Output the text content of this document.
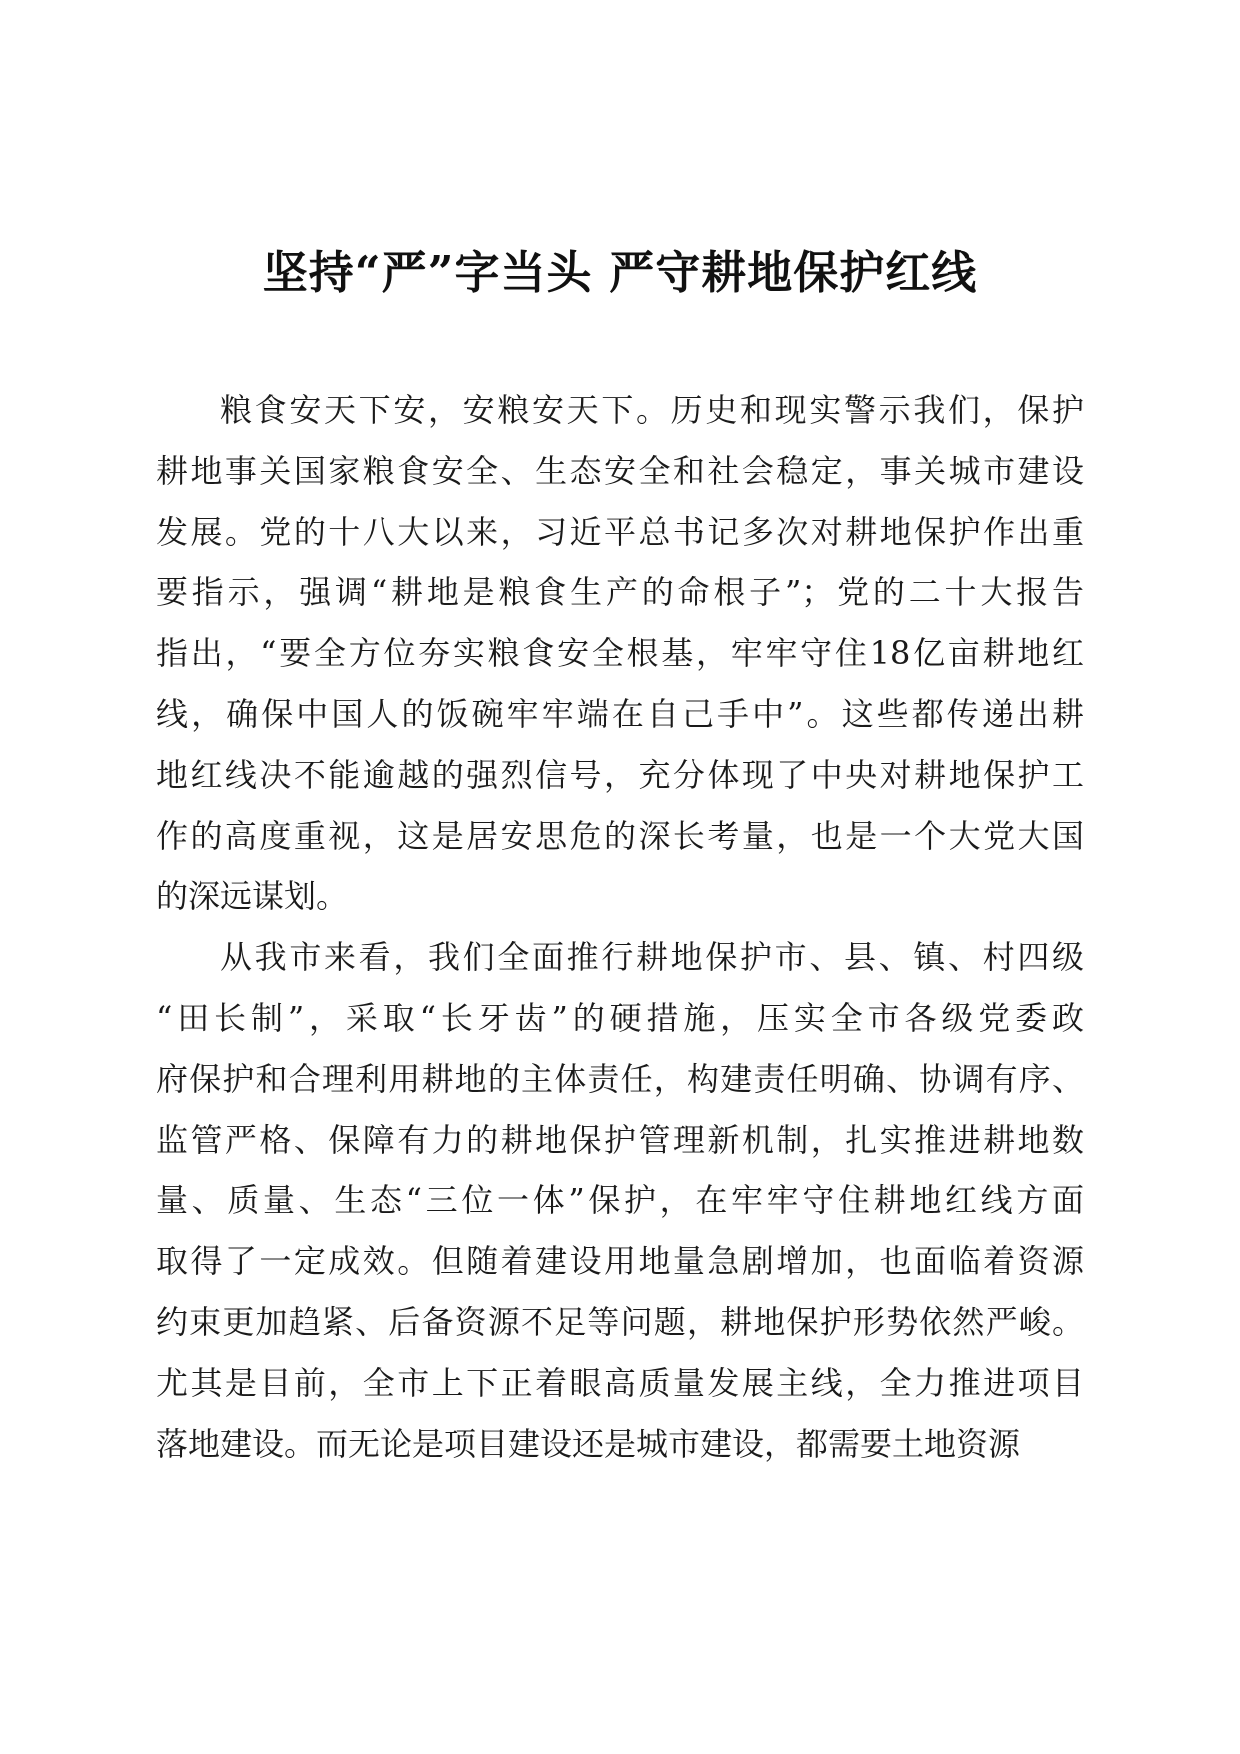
坚持“严”字当头 严守耕地保护红线
粮食安天下安，安粮安天下。历史和现实警示我们，保护
耕地事关国家粮食安全、生态安全和社会稳定，事关城市建设
发展。党的十八大以来，习近平总书记多次对耕地保护作出重
要指示，强调“耕地是粮食生产的命根子”；党的二十大报告
指出，“要全方位夯实粮食安全根基，牢牢守住18亿亩耕地红
线，确保中国人的饭碗牢牢端在自己手中”。这些都传递出耕
地红线决不能逾越的强烈信号，充分体现了中央对耕地保护工
作的高度重视，这是居安思危的深长考量，也是一个大党大国
的深远谋划。
从我市来看，我们全面推行耕地保护市、县、镇、村四级
“田长制”，采取“长牙齿”的硬措施，压实全市各级党委政
府保护和合理利用耕地的主体责任，构建责任明确、协调有序、
监管严格、保障有力的耕地保护管理新机制，扎实推进耕地数
量、质量、生态“三位一体”保护，在牢牢守住耕地红线方面
取得了一定成效。但随着建设用地量急剧增加，也面临着资源
约束更加趋紧、后备资源不足等问题，耕地保护形势依然严峻。
尤其是目前，全市上下正着眼高质量发展主线，全力推进项目
落地建设。而无论是项目建设还是城市建设，都需要土地资源
